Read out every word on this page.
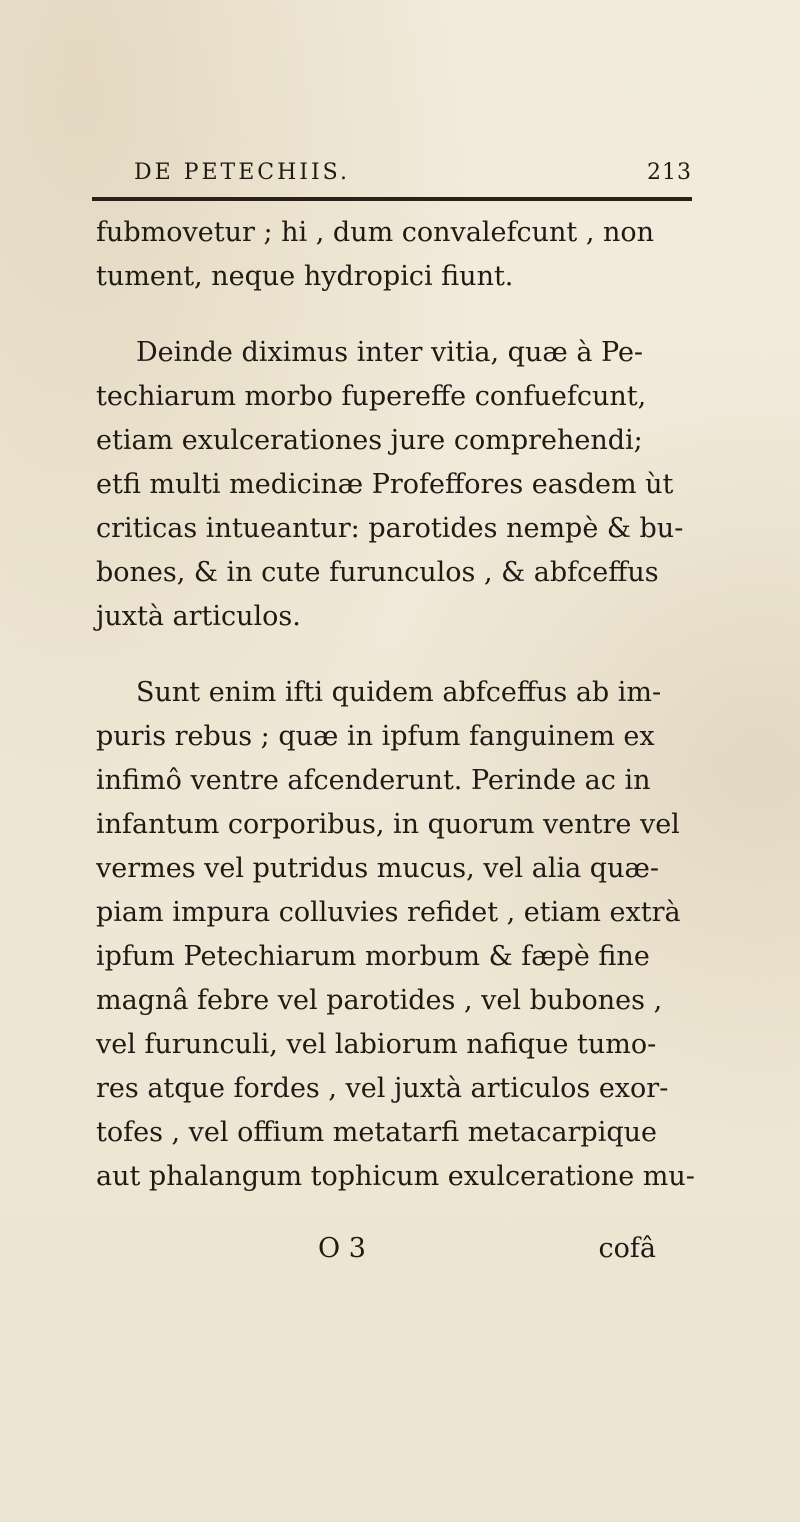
DE PETECHIIS.	213
fubmovetur ; hi , dum convalefcunt , non
tument, neque hydropici fiunt.
Deinde diximus inter vitia, quæ à Pe-
techiarum morbo fupereffe confuefcunt,
etiam exulcerationes jure comprehendi;
etfi multi medicinæ Profeffores easdem ùt
criticas intueantur: parotides nempè & bu-
bones, & in cute furunculos , & abfceffus
juxtà articulos.
Sunt enim ifti quidem abfceffus ab im-
puris rebus ; quæ in ipfum fanguinem ex
infimô ventre afcenderunt. Perinde ac in
infantum corporibus, in quorum ventre vel
vermes vel putridus mucus, vel alia quæ-
piam impura colluvies refidet , etiam extrà
ipfum Petechiarum morbum & fæpè fine
magnâ febre vel parotides , vel bubones ,
vel furunculi, vel labiorum nafique tumo-
res atque fordes , vel juxtà articulos exor-
tofes , vel offium metatarfi metacarpique
aut phalangum tophicum exulceratione mu-
O 3	cofâ
